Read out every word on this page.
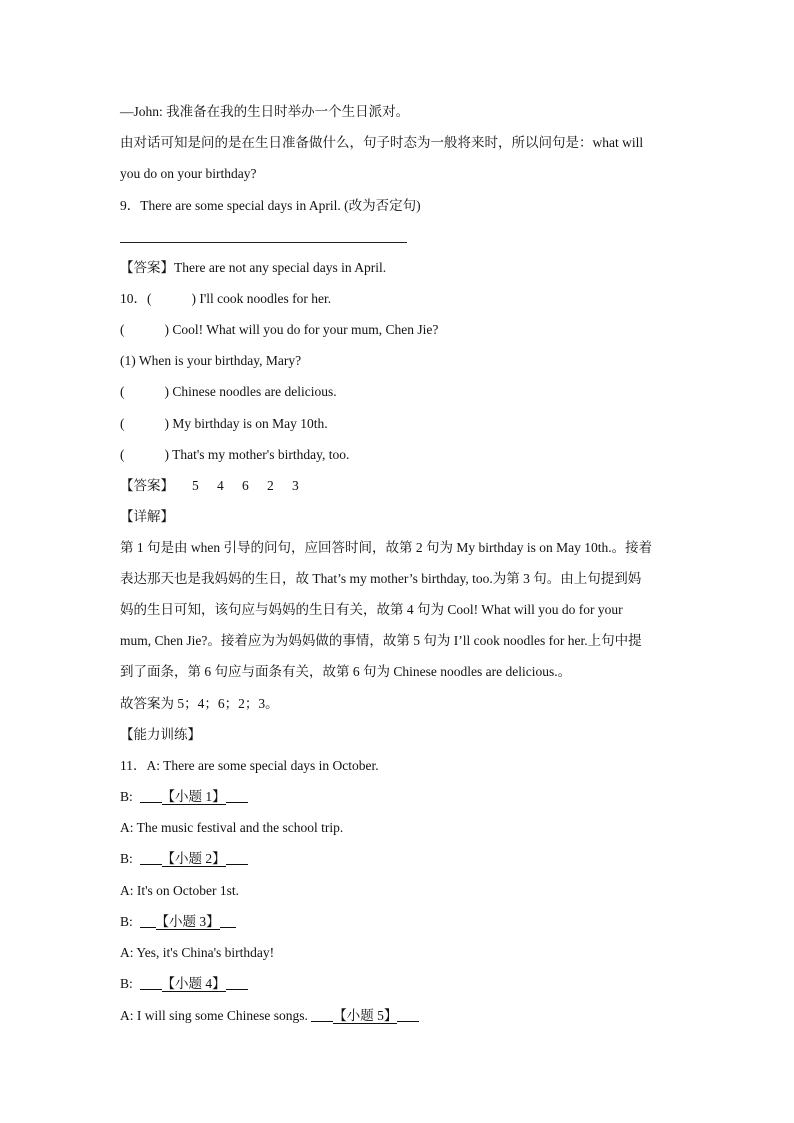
—John: 我准备在我的生日时举办一个生日派对。
由对话可知是问的是在生日准备做什么，句子时态为一般将来时，所以问句是：what will
you do on your birthday?
9．There are some special days in April. (改为否定句)
【答案】There are not any special days in April.
10．(	) I'll cook noodles for her.
(	) Cool! What will you do for your mum, Chen Jie?
(1) When is your birthday, Mary?
(	) Chinese noodles are delicious.
(	) My birthday is on May 10th.
(	) That's my mother's birthday, too.
【答案】 5 4 6 2 3
【详解】
第 1 句是由 when 引导的问句，应回答时间，故第 2 句为 My birthday is on May 10th.。接着
表达那天也是我妈妈的生日，故 That’s my mother’s birthday, too.为第 3 句。由上句提到妈
妈的生日可知，该句应与妈妈的生日有关，故第 4 句为 Cool! What will you do for your
mum, Chen Jie?。接着应为为妈妈做的事情，故第 5 句为 I’ll cook noodles for her.上句中提
到了面条，第 6 句应与面条有关，故第 6 句为 Chinese noodles are delicious.。
故答案为 5；4；6；2；3。
【能力训练】
11．A: There are some special days in October.
B: 【小题 1】
A: The music festival and the school trip.
B: 【小题 2】
A: It's on October 1st.
B: 【小题 3】
A: Yes, it's China's birthday!
B: 【小题 4】
A: I will sing some Chinese songs. 【小题 5】
